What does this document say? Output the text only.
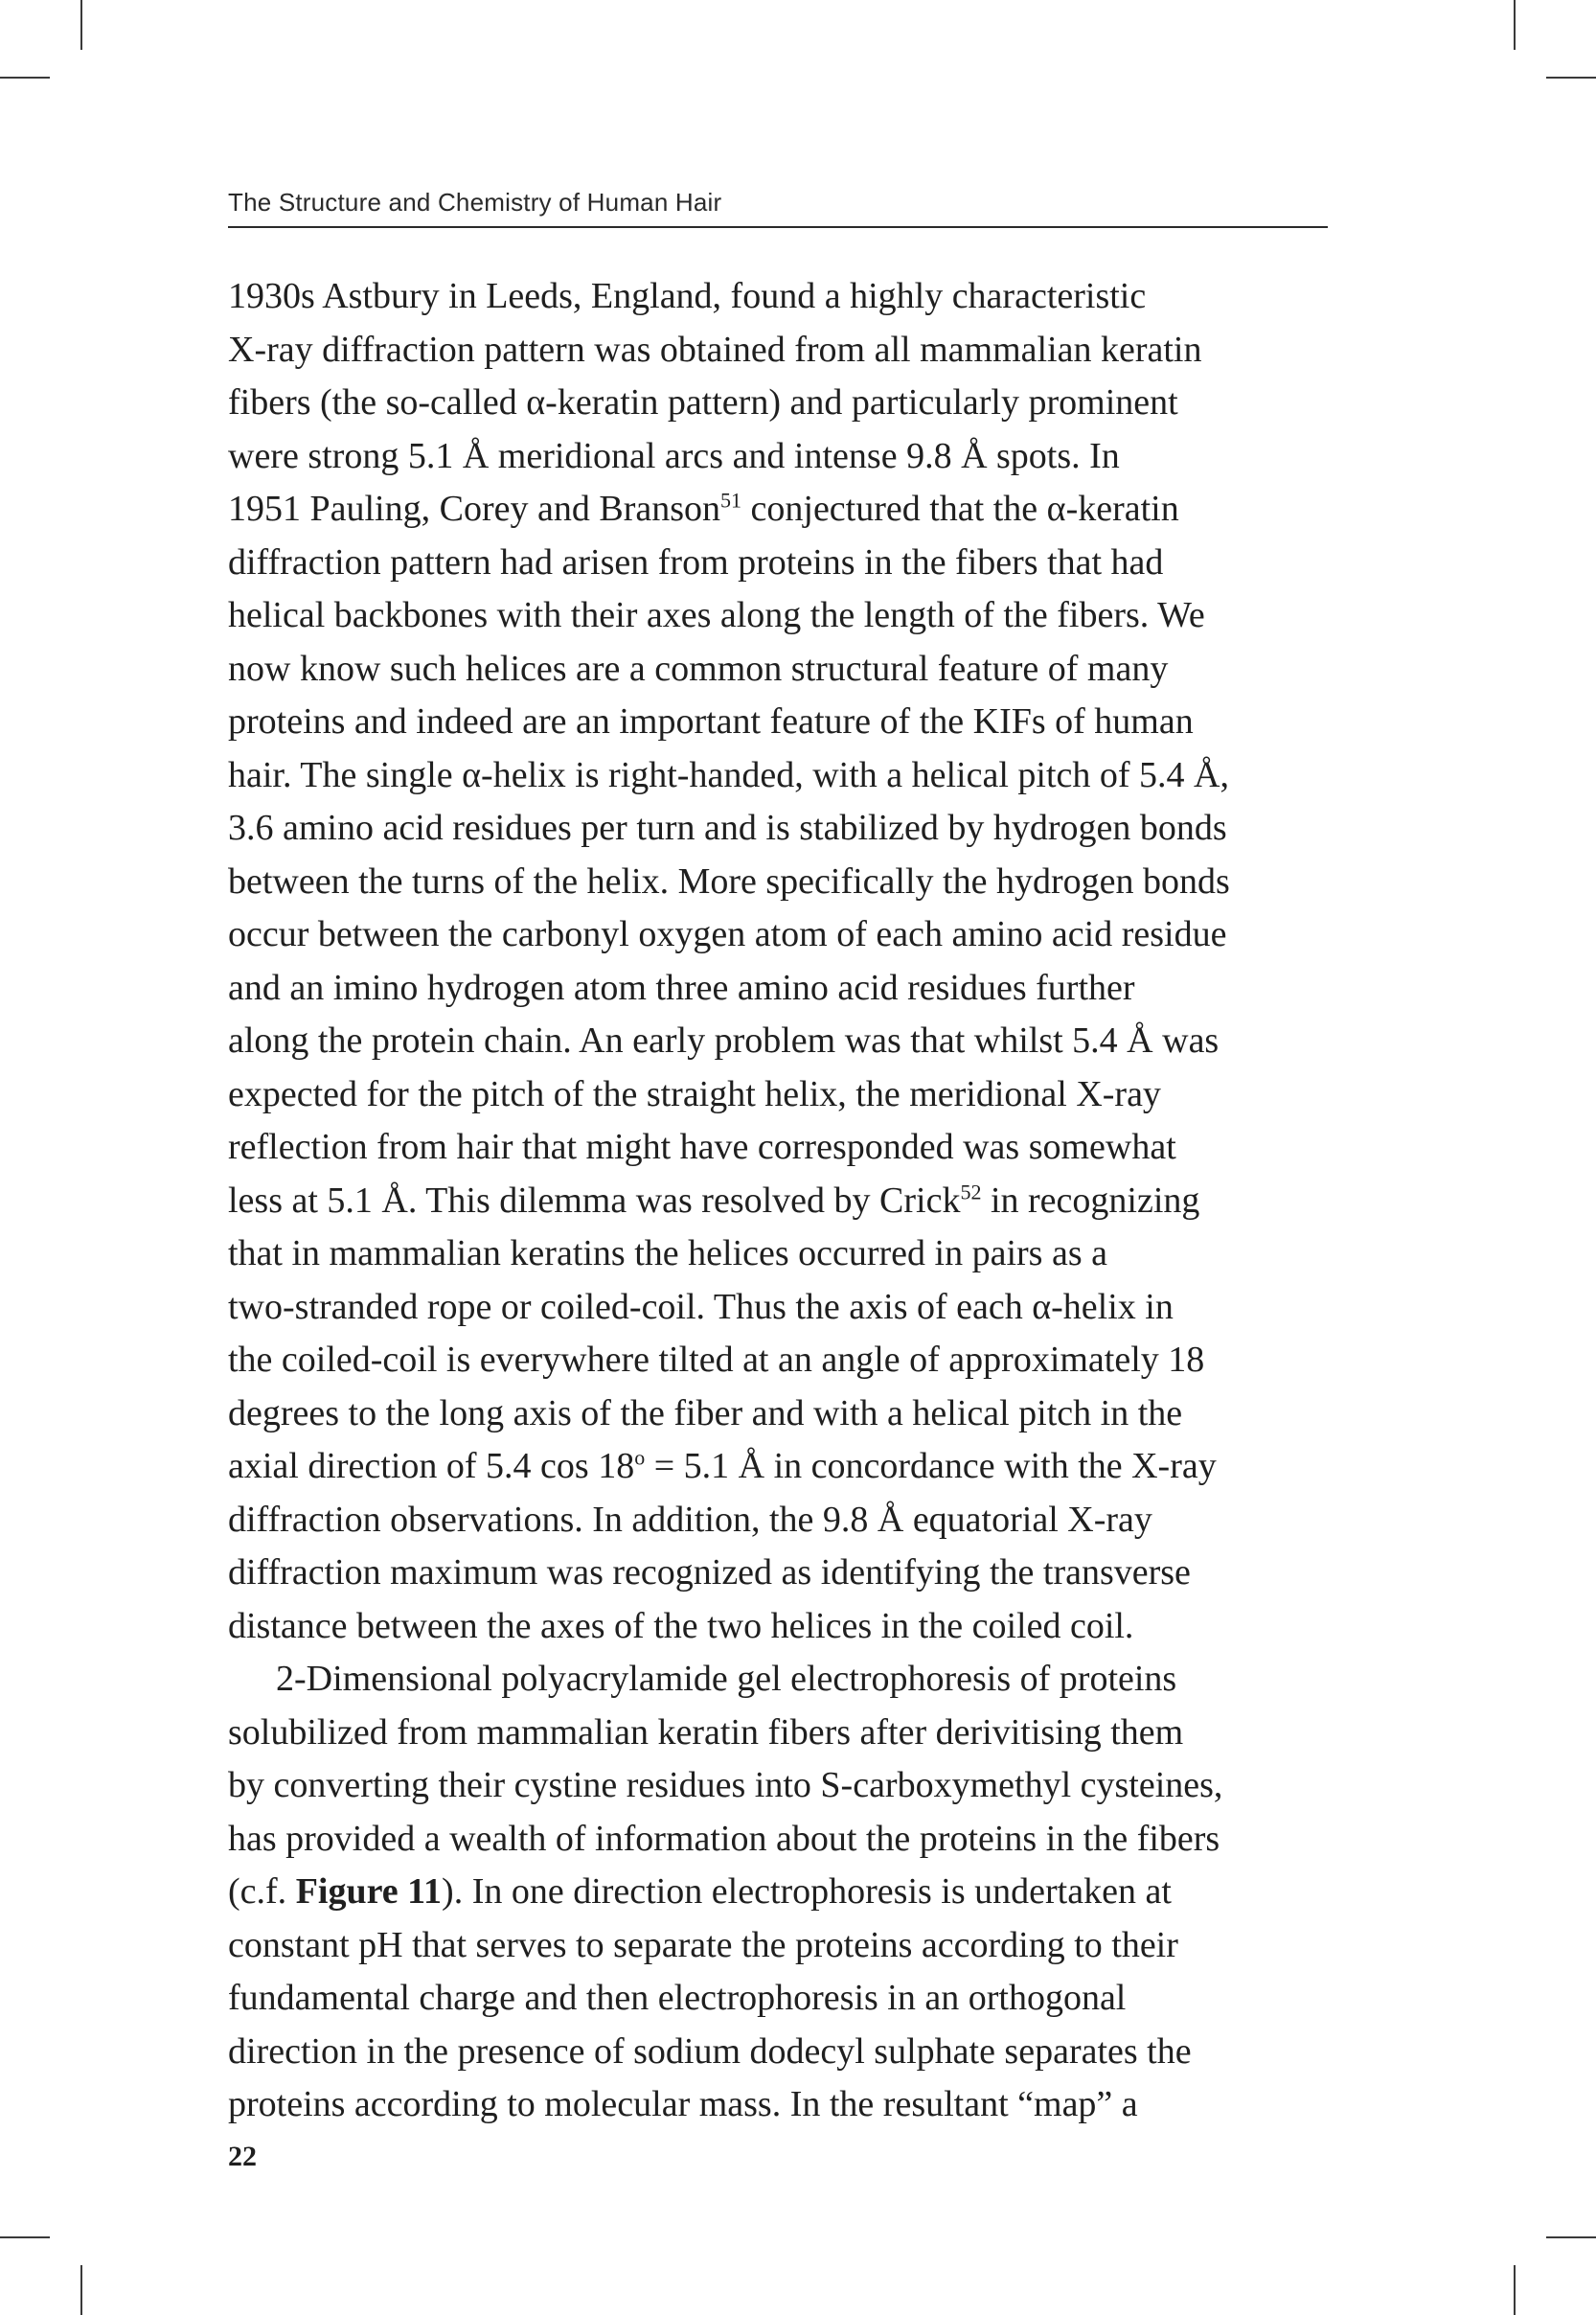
The Structure and Chemistry of Human Hair
1930s Astbury in Leeds, England, found a highly characteristic
X-ray diffraction pattern was obtained from all mammalian keratin
fibers (the so-called α-keratin pattern) and particularly prominent
were strong 5.1 Å meridional arcs and intense 9.8 Å spots. In
1951 Pauling, Corey and Branson$^{51}$ conjectured that the α-keratin
diffraction pattern had arisen from proteins in the fibers that had
helical backbones with their axes along the length of the fibers. We
now know such helices are a common structural feature of many
proteins and indeed are an important feature of the KIFs of human
hair. The single α-helix is right-handed, with a helical pitch of 5.4 Å,
3.6 amino acid residues per turn and is stabilized by hydrogen bonds
between the turns of the helix. More specifically the hydrogen bonds
occur between the carbonyl oxygen atom of each amino acid residue
and an imino hydrogen atom three amino acid residues further
along the protein chain. An early problem was that whilst 5.4 Å was
expected for the pitch of the straight helix, the meridional X-ray
reflection from hair that might have corresponded was somewhat
less at 5.1 Å. This dilemma was resolved by Crick$^{52}$ in recognizing
that in mammalian keratins the helices occurred in pairs as a
two-stranded rope or coiled-coil. Thus the axis of each α-helix in
the coiled-coil is everywhere tilted at an angle of approximately 18
degrees to the long axis of the fiber and with a helical pitch in the
axial direction of 5.4 $\cos 18^o = 5.1$ Å in concordance with the X-ray
diffraction observations. In addition, the 9.8 Å equatorial X-ray
diffraction maximum was recognized as identifying the transverse
distance between the axes of the two helices in the coiled coil.
2-Dimensional polyacrylamide gel electrophoresis of proteins
solubilized from mammalian keratin fibers after derivitising them
by converting their cystine residues into S-carboxymethyl cysteines,
has provided a wealth of information about the proteins in the fibers
(c.f. Figure 11). In one direction electrophoresis is undertaken at
constant pH that serves to separate the proteins according to their
fundamental charge and then electrophoresis in an orthogonal
direction in the presence of sodium dodecyl sulphate separates the
proteins according to molecular mass. In the resultant “map” a
22
